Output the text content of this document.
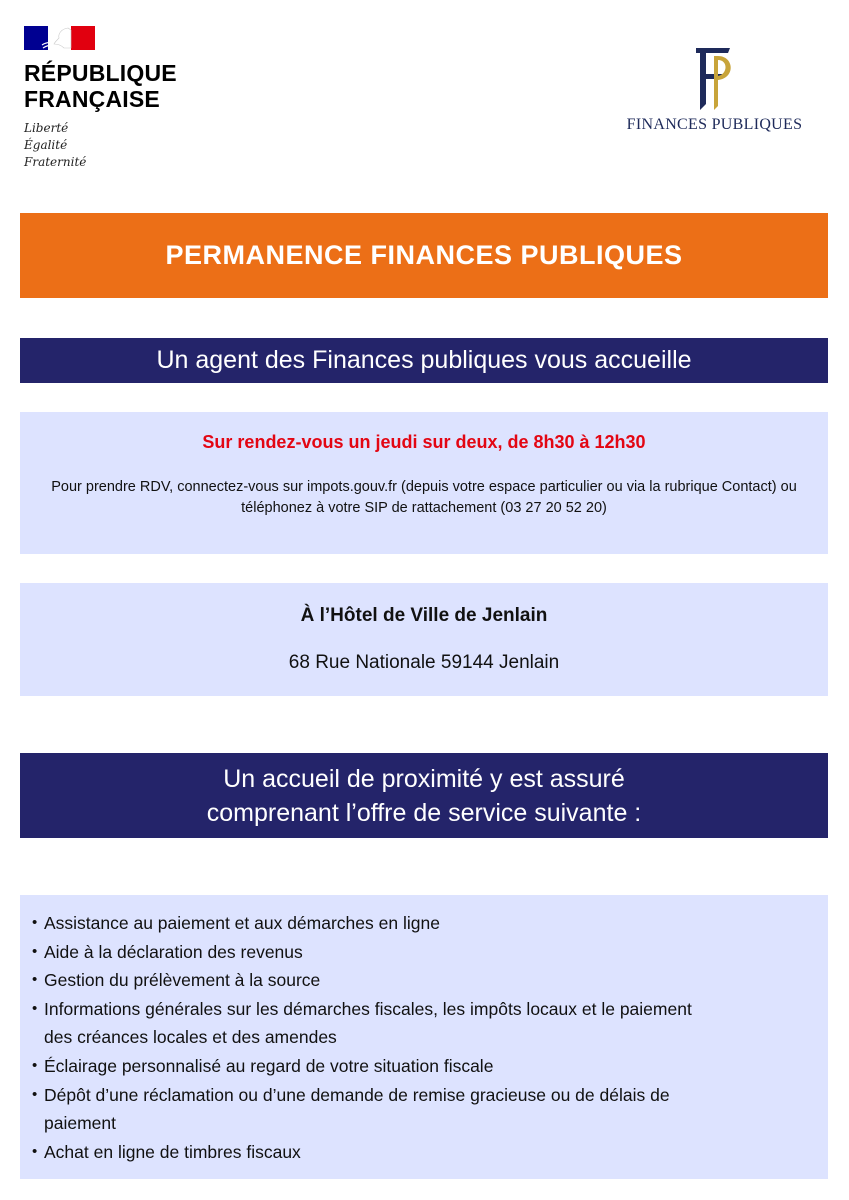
RÉPUBLIQUE
FRANÇAISE
Liberté
Égalité
Fraternité
FINANCES PUBLIQUES
PERMANENCE FINANCES PUBLIQUES
Un agent des Finances publiques vous accueille
Sur rendez-vous un jeudi sur deux, de 8h30 à 12h30
Pour prendre RDV, connectez-vous sur impots.gouv.fr (depuis votre espace particulier ou via la rubrique Contact) ou téléphonez à votre SIP de rattachement (03 27 20 52 20)
À l’Hôtel de Ville de Jenlain
68 Rue Nationale 59144 Jenlain
Un accueil de proximité y est assuré
comprenant l’offre de service suivante :
• Assistance au paiement et aux démarches en ligne
• Aide à la déclaration des revenus
• Gestion du prélèvement à la source
• Informations générales sur les démarches fiscales, les impôts locaux et le paiement des créances locales et des amendes
• Éclairage personnalisé au regard de votre situation fiscale
• Dépôt d’une réclamation ou d’une demande de remise gracieuse ou de délais de paiement
• Achat en ligne de timbres fiscaux
